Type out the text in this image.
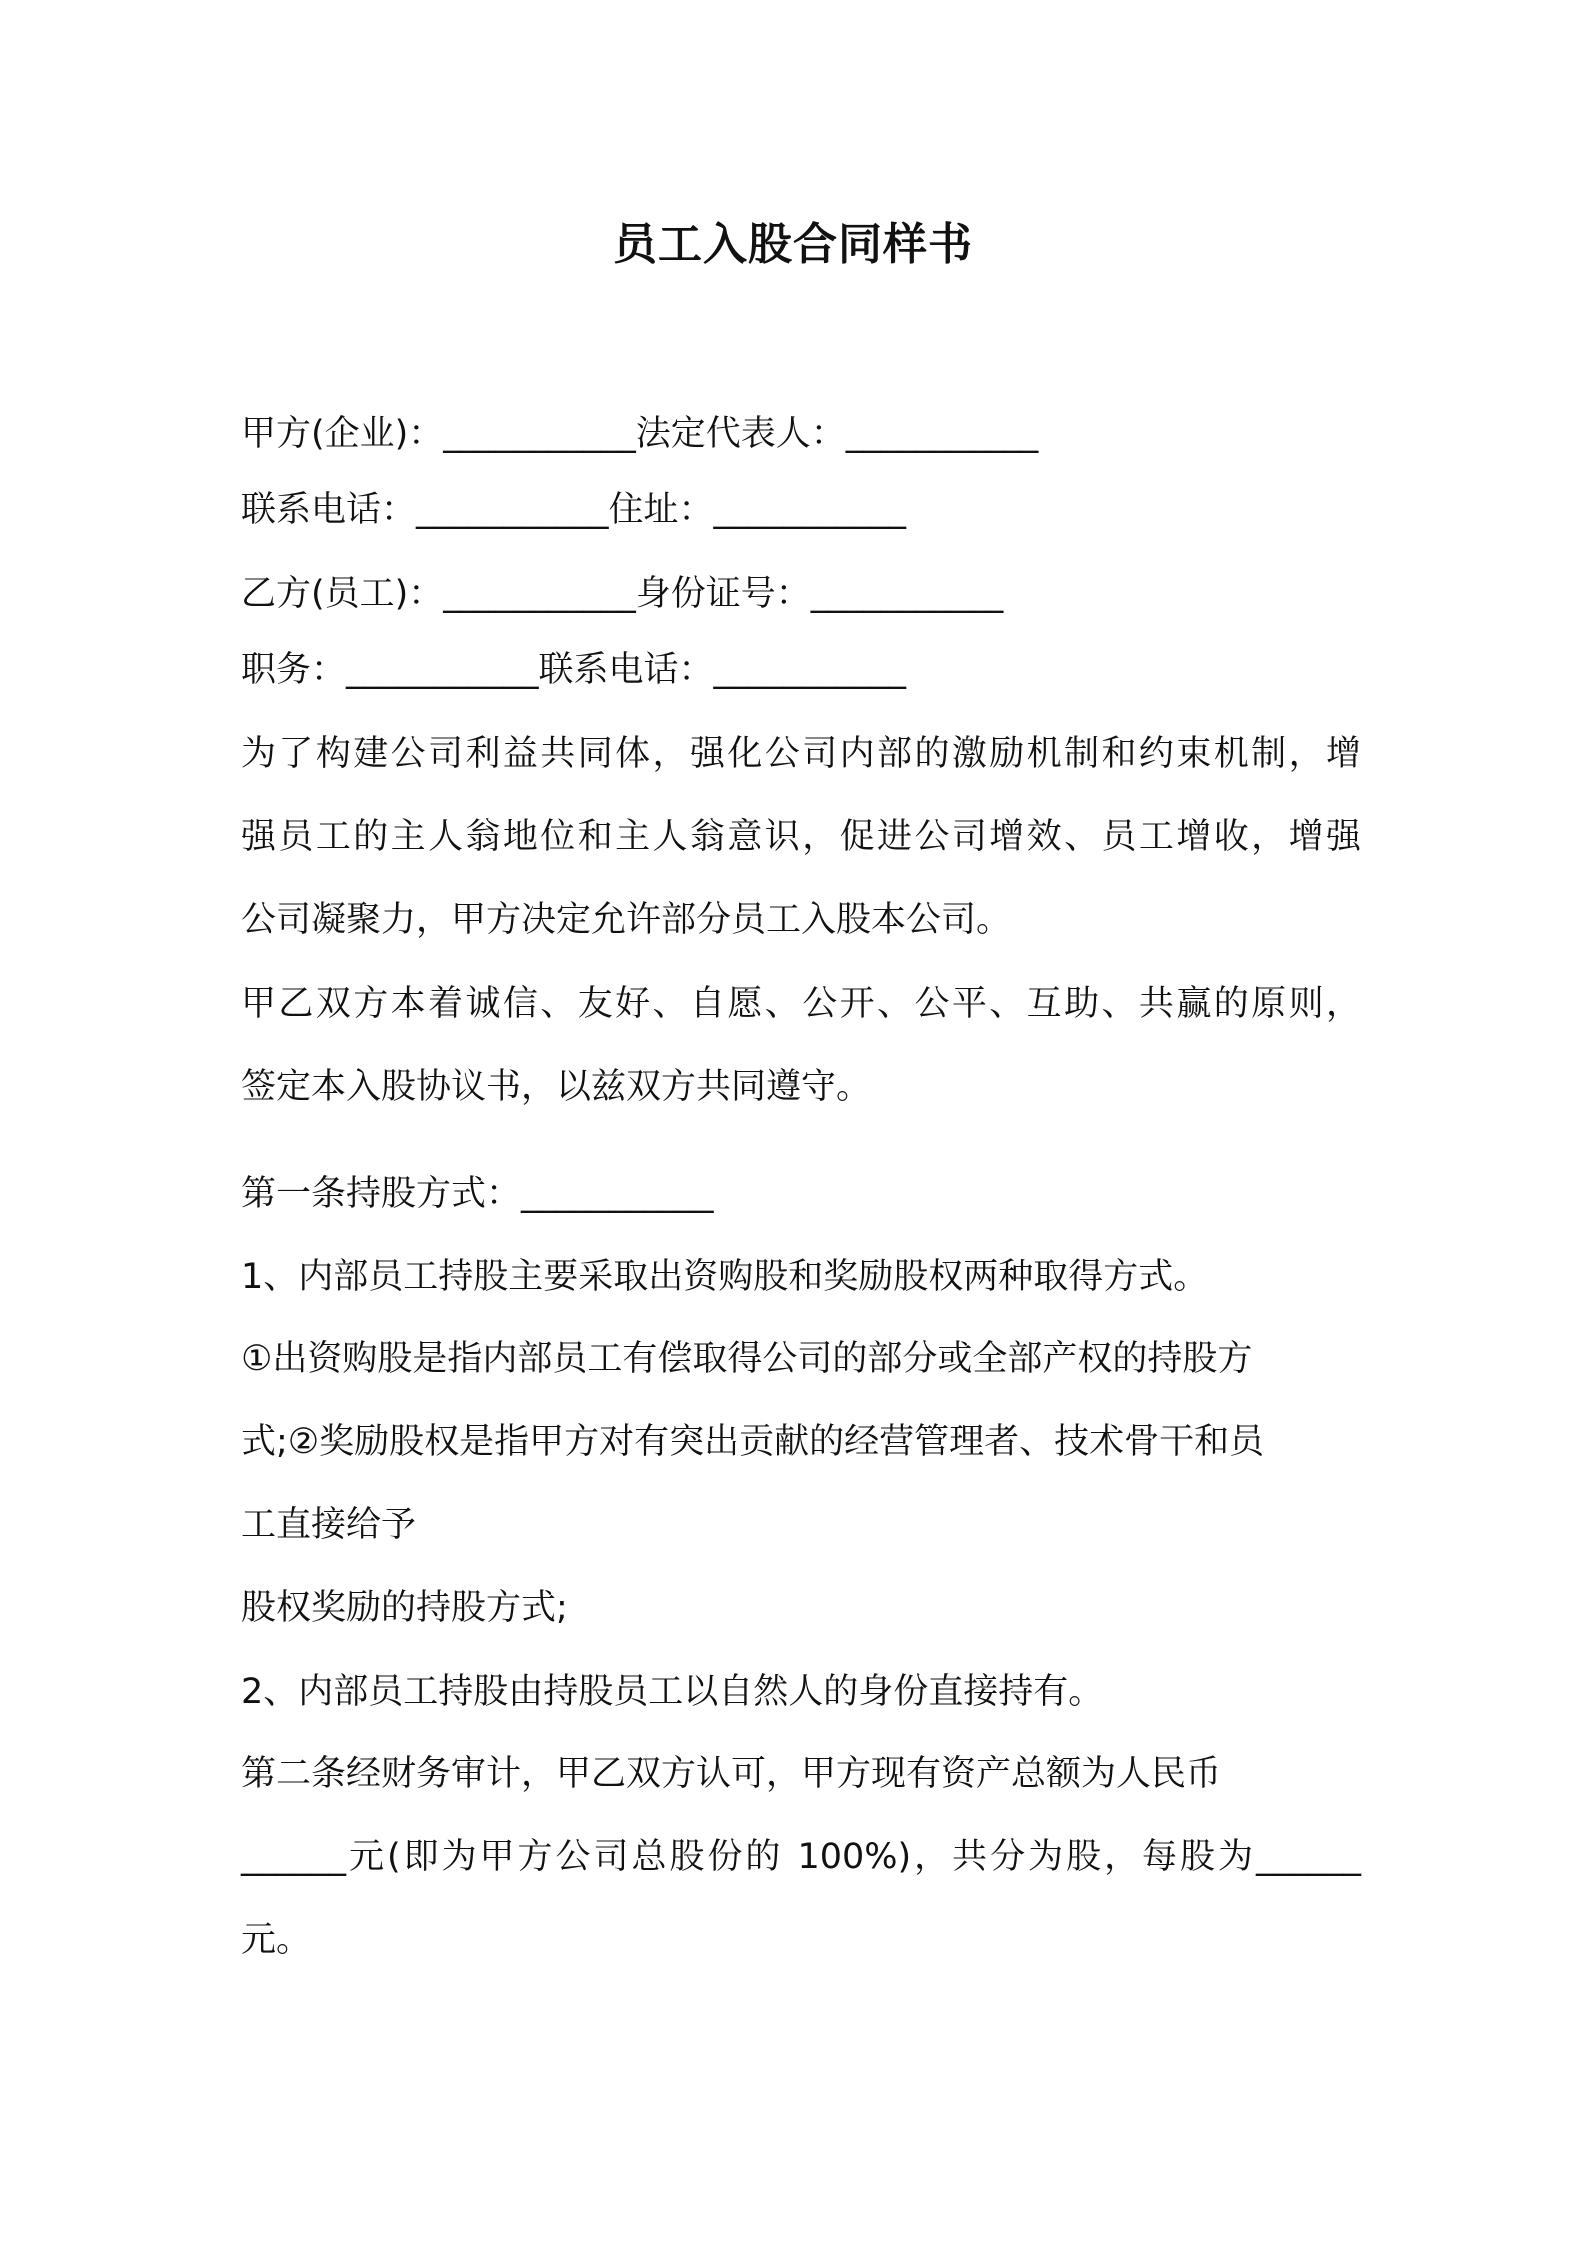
员工入股合同样书
甲方(企业)：___________法定代表人：___________
联系电话：___________住址：___________
乙方(员工)：___________身份证号：___________
职务：___________联系电话：___________
为了构建公司利益共同体，强化公司内部的激励机制和约束机制，增
强员工的主人翁地位和主人翁意识，促进公司增效、员工增收，增强
公司凝聚力，甲方决定允许部分员工入股本公司。
甲乙双方本着诚信、友好、自愿、公开、公平、互助、共赢的原则，
签定本入股协议书，以兹双方共同遵守。
第一条持股方式：___________
1、内部员工持股主要采取出资购股和奖励股权两种取得方式。
①出资购股是指内部员工有偿取得公司的部分或全部产权的持股方
式;②奖励股权是指甲方对有突出贡献的经营管理者、技术骨干和员
工直接给予
股权奖励的持股方式;
2、内部员工持股由持股员工以自然人的身份直接持有。
第二条经财务审计，甲乙双方认可，甲方现有资产总额为人民币
______元(即为甲方公司总股份的 100%)，共分为股，每股为______
元。
